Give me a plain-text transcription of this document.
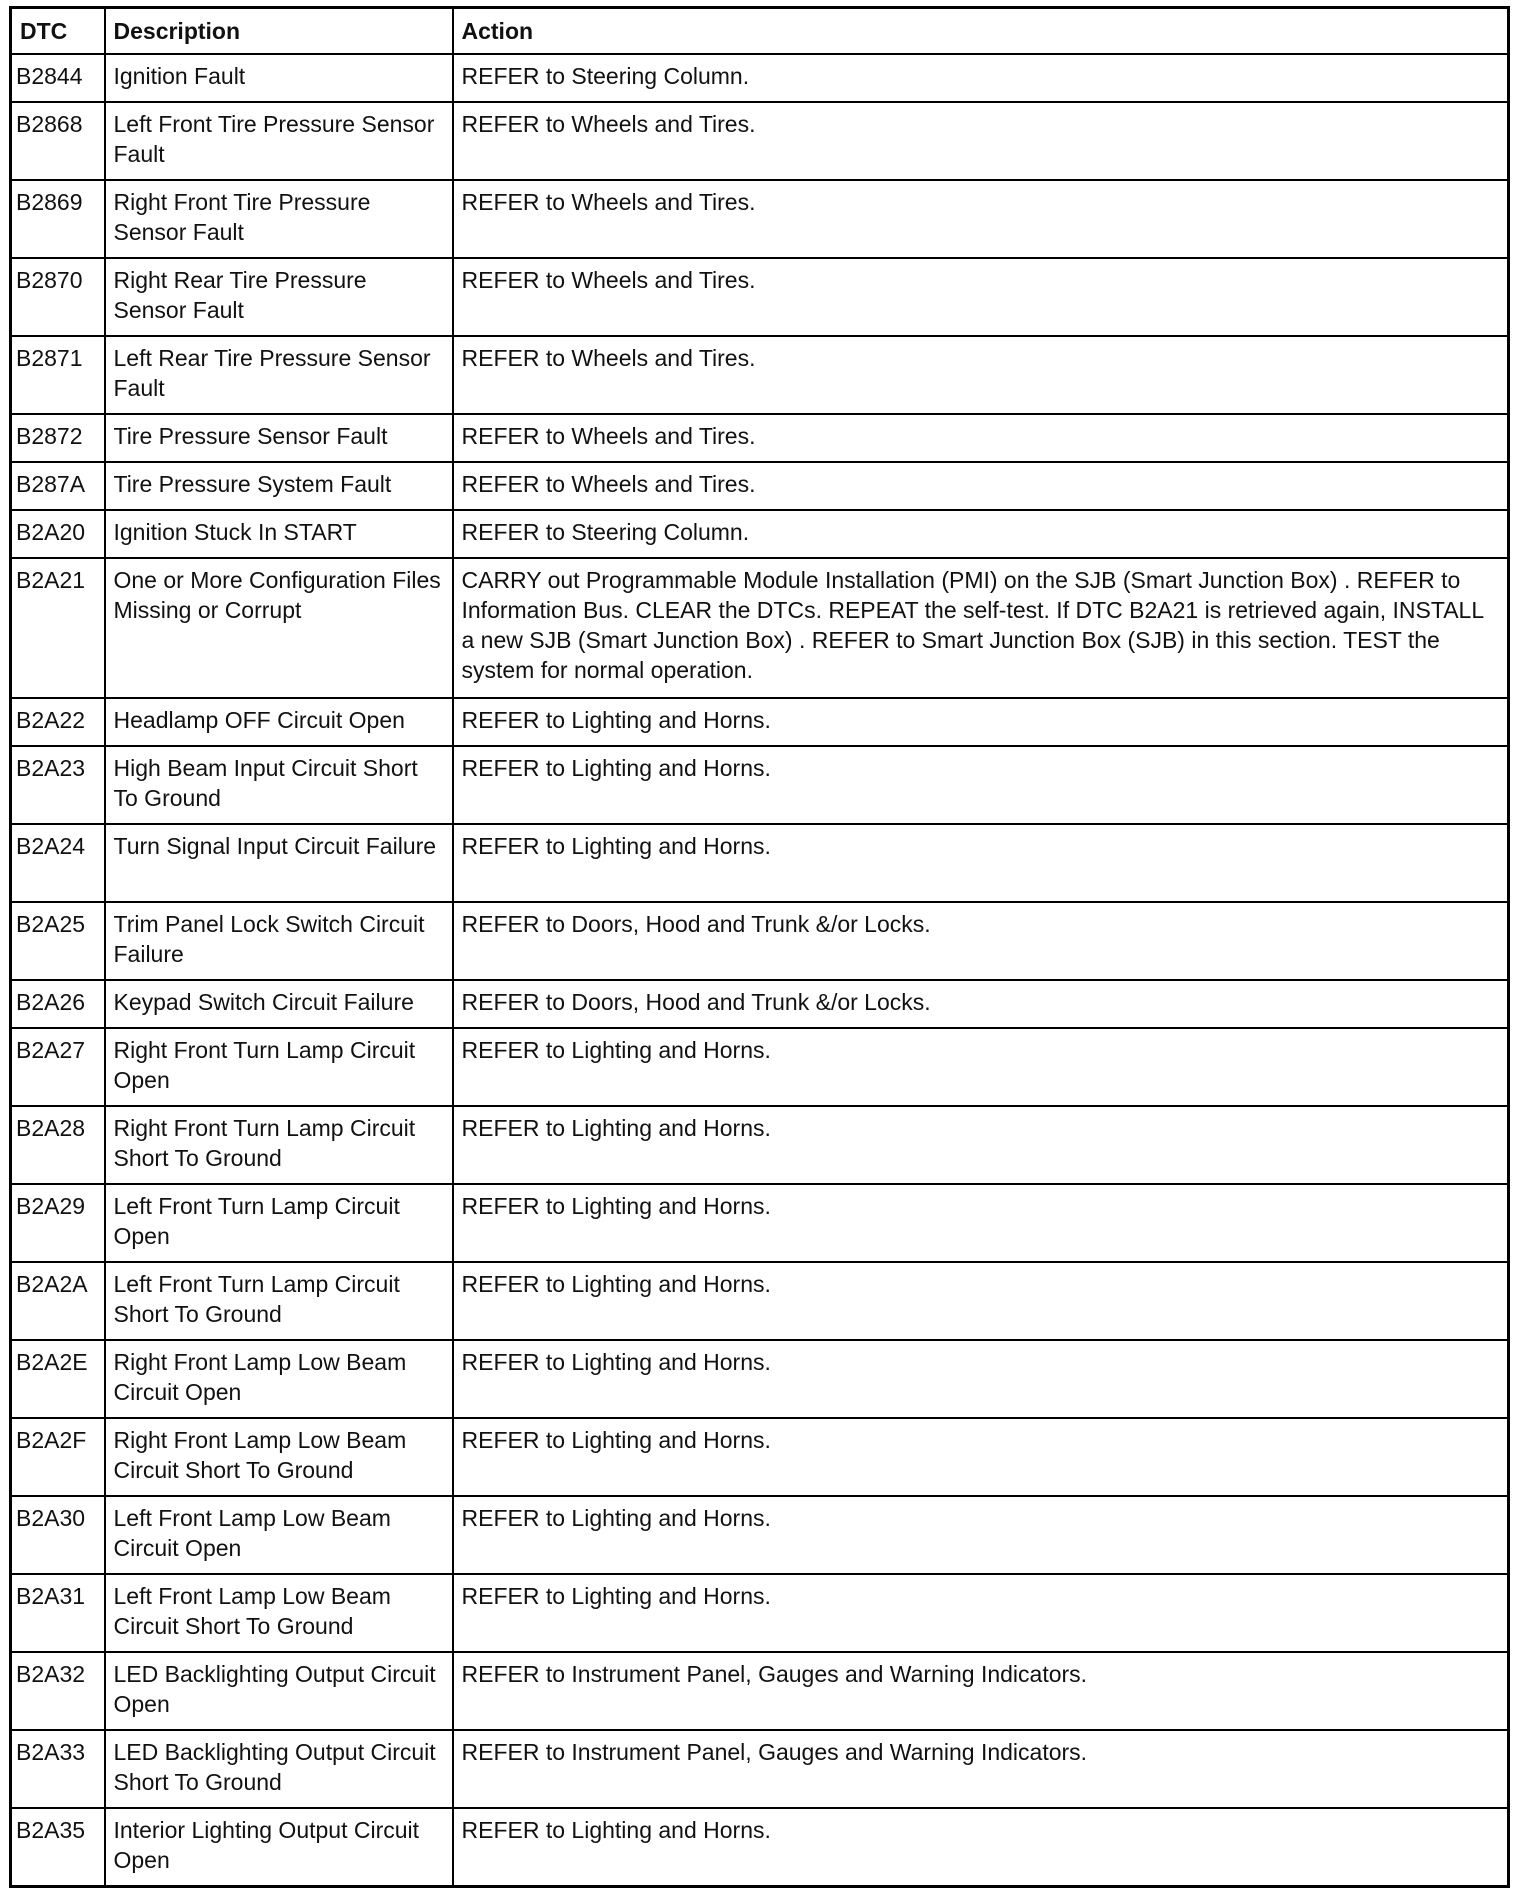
DTC	Description	Action
B2844	Ignition Fault	REFER to Steering Column.
B2868	Left Front Tire Pressure Sensor Fault	REFER to Wheels and Tires.
B2869	Right Front Tire Pressure Sensor Fault	REFER to Wheels and Tires.
B2870	Right Rear Tire Pressure Sensor Fault	REFER to Wheels and Tires.
B2871	Left Rear Tire Pressure Sensor Fault	REFER to Wheels and Tires.
B2872	Tire Pressure Sensor Fault	REFER to Wheels and Tires.
B287A	Tire Pressure System Fault	REFER to Wheels and Tires.
B2A20	Ignition Stuck In START	REFER to Steering Column.
B2A21	One or More Configuration Files Missing or Corrupt	CARRY out Programmable Module Installation (PMI) on the SJB (Smart Junction Box) . REFER to Information Bus. CLEAR the DTCs. REPEAT the self-test. If DTC B2A21 is retrieved again, INSTALL a new SJB (Smart Junction Box) . REFER to Smart Junction Box (SJB) in this section. TEST the system for normal operation.
B2A22	Headlamp OFF Circuit Open	REFER to Lighting and Horns.
B2A23	High Beam Input Circuit Short To Ground	REFER to Lighting and Horns.
B2A24	Turn Signal Input Circuit Failure	REFER to Lighting and Horns.
B2A25	Trim Panel Lock Switch Circuit Failure	REFER to Doors, Hood and Trunk &/or Locks.
B2A26	Keypad Switch Circuit Failure	REFER to Doors, Hood and Trunk &/or Locks.
B2A27	Right Front Turn Lamp Circuit Open	REFER to Lighting and Horns.
B2A28	Right Front Turn Lamp Circuit Short To Ground	REFER to Lighting and Horns.
B2A29	Left Front Turn Lamp Circuit Open	REFER to Lighting and Horns.
B2A2A	Left Front Turn Lamp Circuit Short To Ground	REFER to Lighting and Horns.
B2A2E	Right Front Lamp Low Beam Circuit Open	REFER to Lighting and Horns.
B2A2F	Right Front Lamp Low Beam Circuit Short To Ground	REFER to Lighting and Horns.
B2A30	Left Front Lamp Low Beam Circuit Open	REFER to Lighting and Horns.
B2A31	Left Front Lamp Low Beam Circuit Short To Ground	REFER to Lighting and Horns.
B2A32	LED Backlighting Output Circuit Open	REFER to Instrument Panel, Gauges and Warning Indicators.
B2A33	LED Backlighting Output Circuit Short To Ground	REFER to Instrument Panel, Gauges and Warning Indicators.
B2A35	Interior Lighting Output Circuit Open	REFER to Lighting and Horns.
